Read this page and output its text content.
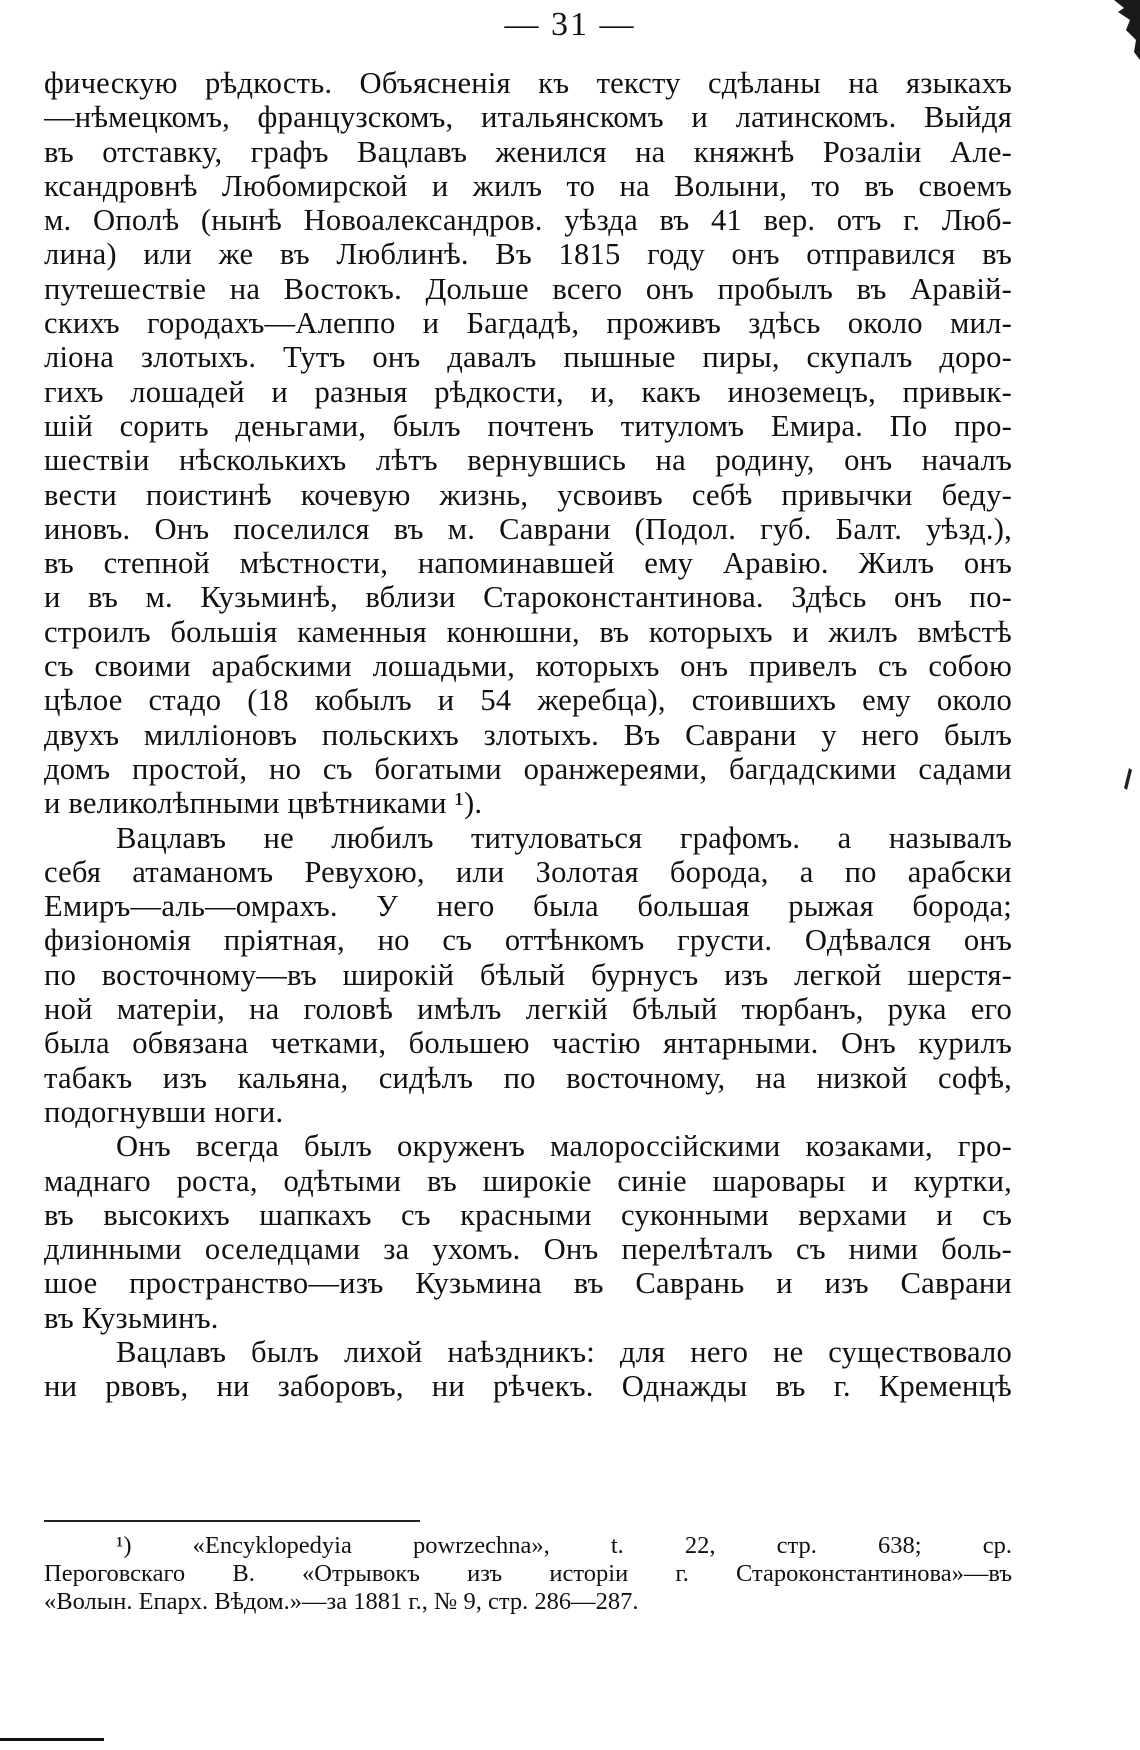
— 31 —
фическую рѣдкость. Объясненія къ тексту сдѣланы на языкахъ
—нѣмецкомъ, французскомъ, итальянскомъ и латинскомъ. Выйдя
въ отставку, графъ Вацлавъ женился на княжнѣ Розаліи Але-
ксандровнѣ Любомирской и жилъ то на Волыни, то въ своемъ
м. Ополѣ (нынѣ Новоалександров. уѣзда въ 41 вер. отъ г. Люб-
лина) или же въ Люблинѣ. Въ 1815 году онъ отправился въ
путешествіе на Востокъ. Дольше всего онъ пробылъ въ Аравій-
скихъ городахъ—Алеппо и Багдадѣ, проживъ здѣсь около мил-
ліона злотыхъ. Тутъ онъ давалъ пышные пиры, скупалъ доро-
гихъ лошадей и разныя рѣдкости, и, какъ иноземецъ, привык-
шій сорить деньгами, былъ почтенъ титуломъ Емира. По про-
шествіи нѣсколькихъ лѣтъ вернувшись на родину, онъ началъ
вести поистинѣ кочевую жизнь, усвоивъ себѣ привычки беду-
иновъ. Онъ поселился въ м. Саврани (Подол. губ. Балт. уѣзд.),
въ степной мѣстности, напоминавшей ему Аравію. Жилъ онъ
и въ м. Кузьминѣ, вблизи Староконстантинова. Здѣсь онъ по-
строилъ большія каменныя конюшни, въ которыхъ и жилъ вмѣстѣ
съ своими арабскими лошадьми, которыхъ онъ привелъ съ собою
цѣлое стадо (18 кобылъ и 54 жеребца), стоившихъ ему около
двухъ милліоновъ польскихъ злотыхъ. Въ Саврани у него былъ
домъ простой, но съ богатыми оранжереями, багдадскими садами
и великолѣпными цвѣтниками ¹).
Вацлавъ не любилъ титуловаться графомъ. а называлъ
себя атаманомъ Ревухою, или Золотая борода, а по арабски
Емиръ—аль—омрахъ. У него была большая рыжая борода;
физіономія пріятная, но съ оттѣнкомъ грусти. Одѣвался онъ
по восточному—въ широкій бѣлый бурнусъ изъ легкой шерстя-
ной матеріи, на головѣ имѣлъ легкій бѣлый тюрбанъ, рука его
была обвязана четками, большею частію янтарными. Онъ курилъ
табакъ изъ кальяна, сидѣлъ по восточному, на низкой софѣ,
подогнувши ноги.
Онъ всегда былъ окруженъ малороссійскими козаками, гро-
маднаго роста, одѣтыми въ широкіе синіе шаровары и куртки,
въ высокихъ шапкахъ съ красными суконными верхами и съ
длинными оселедцами за ухомъ. Онъ перелѣталъ съ ними боль-
шое пространство—изъ Кузьмина въ Саврань и изъ Саврани
въ Кузьминъ.
Вацлавъ былъ лихой наѣздникъ: для него не существовало
ни рвовъ, ни заборовъ, ни рѣчекъ. Однажды въ г. Кременцѣ
¹) «Encyklopedyia powrzechna», t. 22, стр. 638; ср.
Пероговскаго В. «Отрывокъ изъ исторіи г. Староконстантинова»—въ
«Волын. Епарх. Вѣдом.»—за 1881 г., № 9, стр. 286—287.
